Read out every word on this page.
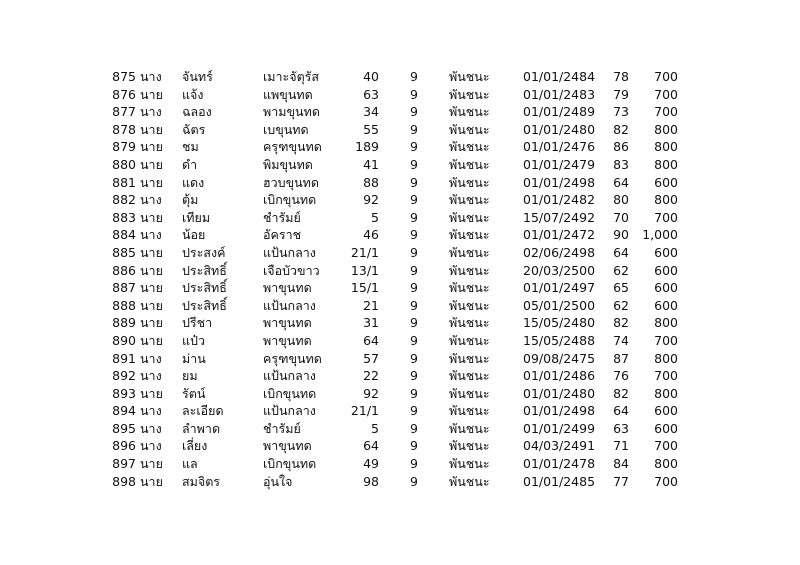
875 นาง จันทร์	เมาะจัตุรัส	40	9 พันชนะ	01/01/2484	78	700
876 นาย แจ้ง	แพขุนทด	63	9 พันชนะ	01/01/2483	79	700
877 นาง ฉลอง	พามขุนทด	34	9 พันชนะ	01/01/2489	73	700
878 นาย ฉัตร	เบขุนทด	55	9 พันชนะ	01/01/2480	82	800
879 นาย ชม	ครุฑขุนทด	189	9 พันชนะ	01/01/2476	86	800
880 นาย ดำ	พิมขุนทด	41	9 พันชนะ	01/01/2479	83	800
881 นาย แดง	ฮวบขุนทด	88	9 พันชนะ	01/01/2498	64	600
882 นาง ตุ้ม	เบิกขุนทด	92	9 พันชนะ	01/01/2482	80	800
883 นาย เทียม	ชำรัมย์	5	9 พันชนะ	15/07/2492	70	700
884 นาง น้อย	อัคราช	46	9 พันชนะ	01/01/2472	90 1,000
885 นาย ประสงค์	แป้นกลาง	21/1	9 พันชนะ	02/06/2498	64	600
886 นาย ประสิทธิ์	เจือบัวขาว	13/1	9 พันชนะ	20/03/2500	62	600
887 นาย ประสิทธิ์	พาขุนทด	15/1	9 พันชนะ	01/01/2497	65	600
888 นาย ประสิทธิ์	แป้นกลาง	21	9 พันชนะ	05/01/2500	62	600
889 นาย ปรีชา	พาขุนทด	31	9 พันชนะ	15/05/2480	82	800
890 นาย แป๋ว	พาขุนทด	64	9 พันชนะ	15/05/2488	74	700
891 นาง ม่าน	ครุฑขุนทด	57	9 พันชนะ	09/08/2475	87	800
892 นาง ยม	แป้นกลาง	22	9 พันชนะ	01/01/2486	76	700
893 นาย รัตน์	เบิกขุนทด	92	9 พันชนะ	01/01/2480	82	800
894 นาง ละเอียด	แป้นกลาง	21/1	9 พันชนะ	01/01/2498	64	600
895 นาง ลำพาด	ชำรัมย์	5	9 พันชนะ	01/01/2499	63	600
896 นาง เลี่ยง	พาขุนทด	64	9 พันชนะ	04/03/2491	71	700
897 นาย แล	เบิกขุนทด	49	9 พันชนะ	01/01/2478	84	800
898 นาย สมจิตร	อุ่นใจ	98	9 พันชนะ	01/01/2485	77	700
